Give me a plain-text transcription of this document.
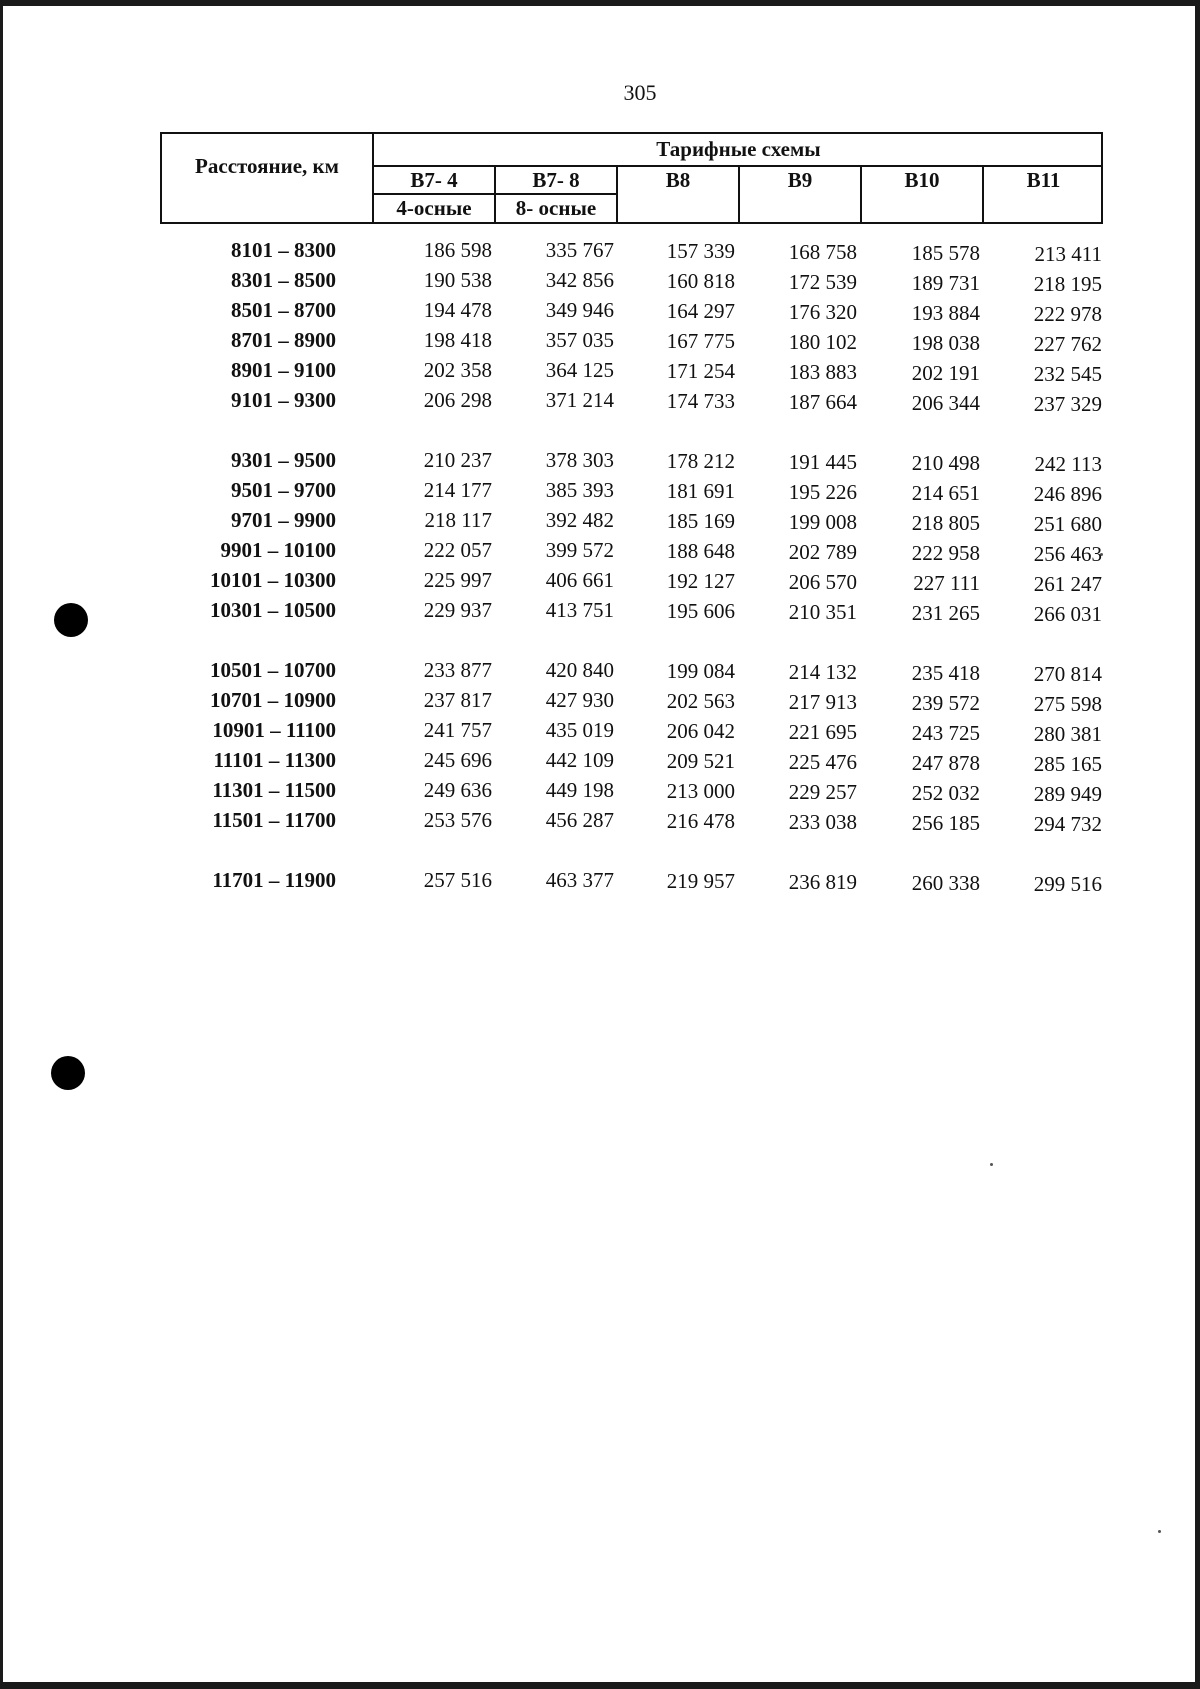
305
Расстояние, км
Тарифные схемы
В7- 4	В7- 8
4-осные	8- осные
В8	В9	В10	В11
8101 – 8300	186 598	335 767	157 339	168 758	185 578	213 411
8301 – 8500	190 538	342 856	160 818	172 539	189 731	218 195
8501 – 8700	194 478	349 946	164 297	176 320	193 884	222 978
8701 – 8900	198 418	357 035	167 775	180 102	198 038	227 762
8901 – 9100	202 358	364 125	171 254	183 883	202 191	232 545
9101 – 9300	206 298	371 214	174 733	187 664	206 344	237 329
9301 – 9500	210 237	378 303	178 212	191 445	210 498	242 113
9501 – 9700	214 177	385 393	181 691	195 226	214 651	246 896
9701 – 9900	218 117	392 482	185 169	199 008	218 805	251 680
9901 – 10100	222 057	399 572	188 648	202 789	222 958	256 463
10101 – 10300	225 997	406 661	192 127	206 570	227 111	261 247
10301 – 10500	229 937	413 751	195 606	210 351	231 265	266 031
10501 – 10700	233 877	420 840	199 084	214 132	235 418	270 814
10701 – 10900	237 817	427 930	202 563	217 913	239 572	275 598
10901 – 11100	241 757	435 019	206 042	221 695	243 725	280 381
11101 – 11300	245 696	442 109	209 521	225 476	247 878	285 165
11301 – 11500	249 636	449 198	213 000	229 257	252 032	289 949
11501 – 11700	253 576	456 287	216 478	233 038	256 185	294 732
11701 – 11900	257 516	463 377	219 957	236 819	260 338	299 516
